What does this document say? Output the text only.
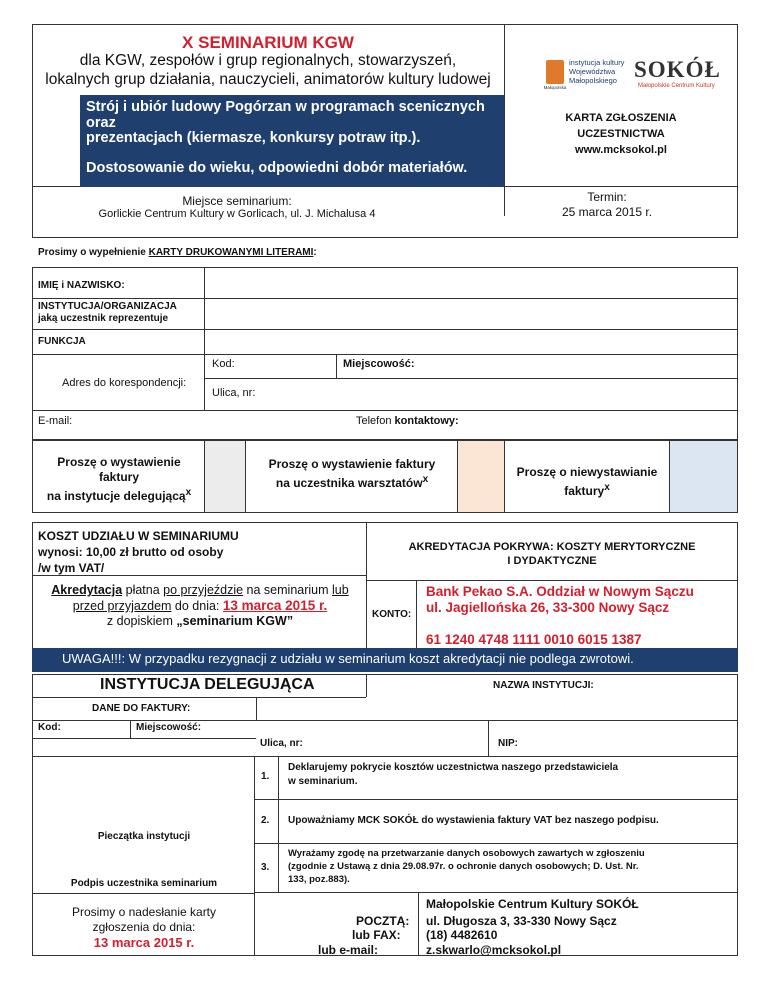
X SEMINARIUM KGW
dla KGW, zespołów i grup regionalnych, stowarzyszeń,
lokalnych grup działania, nauczycieli, animatorów kultury ludowej
Strój i ubiór ludowy Pogórzan w programach scenicznych oraz
prezentacjach (kiermasze, konkursy potraw itp.).
Dostosowanie do wieku, odpowiedni dobór materiałów.
Małopolska
instytucja kultury
Województwa
Małopolskiego SOKÓŁ
Małopolskie Centrum Kultury
KARTA ZGŁOSZENIA
UCZESTNICTWA
www.mcksokol.pl
Miejsce seminarium:
Gorlickie Centrum Kultury w Gorlicach, ul. J. Michalusa 4
Termin:
25 marca 2015 r.
Prosimy o wypełnienie KARTY DRUKOWANYMI LITERAMI:
IMIĘ i NAZWISKO:
INSTYTUCJA/ORGANIZACJA
jaką uczestnik reprezentuje
FUNKCJA
Adres do korespondencji:
Kod:	Miejscowość:
Ulica, nr:
E-mail:	Telefon kontaktowy:
Proszę o wystawienie
faktury
na instytucje delegującą$^x$
Proszę o wystawienie faktury
na uczestnika warsztatów$^x$
Proszę o niewystawianie
faktury$^x$
KOSZT UDZIAŁU W SEMINARIUMU
wynosi: 10,00 zł brutto od osoby
/w tym VAT/
AKREDYTACJA POKRYWA: KOSZTY MERYTORYCZNE
I DYDAKTYCZNE
Akredytacja płatna po przyjeździe na seminarium lub
przed przyjazdem do dnia: 13 marca 2015 r.
z dopiskiem „seminarium KGW”	KONTO:
Bank Pekao S.A. Oddział w Nowym Sączu
ul. Jagiellońska 26, 33-300 Nowy Sącz
61 1240 4748 1111 0010 6015 1387
UWAGA!!!: W przypadku rezygnacji z udziału w seminarium koszt akredytacji nie podlega zwrotowi.
INSTYTUCJA DELEGUJĄCA	NAZWA INSTYTUCJI:
DANE DO FAKTURY:
Kod:	Miejscowość:
Ulica, nr:	NIP:
Pieczątka instytucji
Podpis uczestnika seminarium
1.
Deklarujemy pokrycie kosztów uczestnictwa naszego przedstawiciela
w seminarium.
2. Upoważniamy MCK SOKÓŁ do wystawienia faktury VAT bez naszego podpisu.
3.
Wyrażamy zgodę na przetwarzanie danych osobowych zawartych w zgłoszeniu
(zgodnie z Ustawą z dnia 29.08.97r. o ochronie danych osobowych; D. Ust. Nr.
133, poz.883).
Prosimy o nadesłanie karty
zgłoszenia do dnia:
13 marca 2015 r.
POCZTĄ:
Małopolskie Centrum Kultury SOKÓŁ
ul. Długosza 3, 33-330 Nowy Sącz
lub FAX: (18) 4482610
lub e-mail:	z.skwarlo@mcksokol.pl
